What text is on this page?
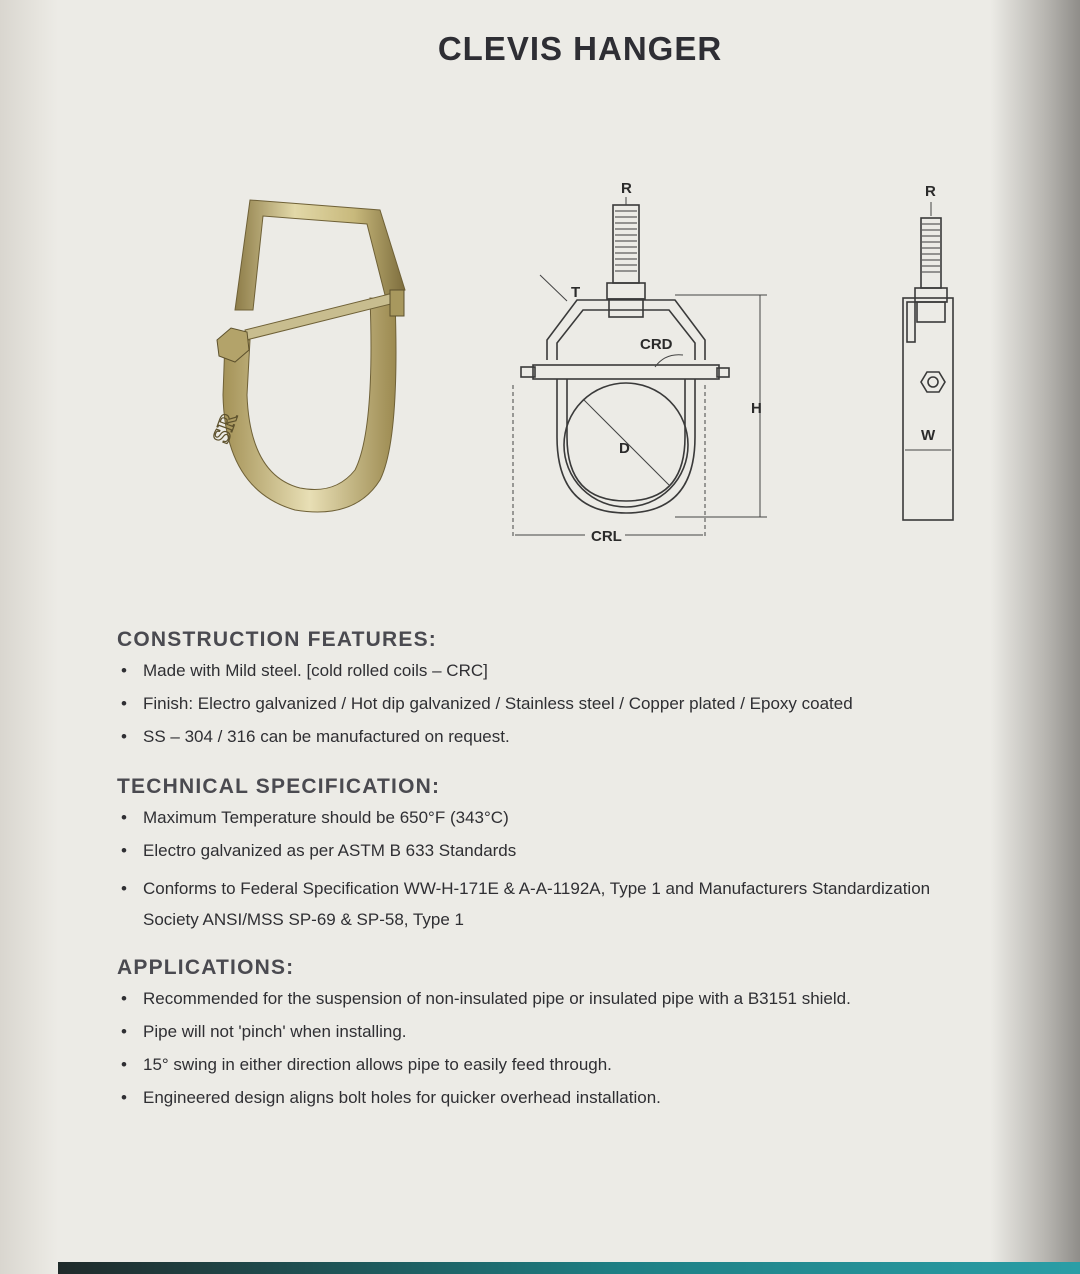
CLEVIS HANGER
SR
R
T
CRD
H
D
CRL
R
W
CONSTRUCTION FEATURES:
• Made with Mild steel. [cold rolled coils – CRC]
• Finish: Electro galvanized / Hot dip galvanized / Stainless steel / Copper plated / Epoxy coated
• SS – 304 / 316 can be manufactured on request.
TECHNICAL SPECIFICATION:
• Maximum Temperature should be 650°F (343°C)
• Electro galvanized as per ASTM B 633 Standards
• Conforms to Federal Specification WW-H-171E & A-A-1192A, Type 1 and Manufacturers Standardization Society ANSI/MSS SP-69 & SP-58, Type 1
APPLICATIONS:
• Recommended for the suspension of non-insulated pipe or insulated pipe with a B3151 shield.
• Pipe will not 'pinch' when installing.
• 15° swing in either direction allows pipe to easily feed through.
• Engineered design aligns bolt holes for quicker overhead installation.
